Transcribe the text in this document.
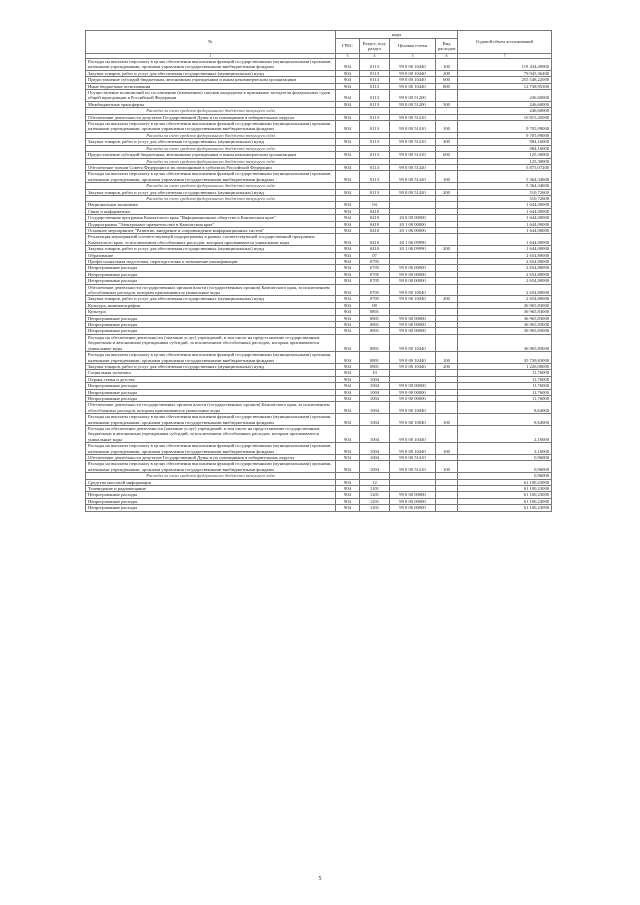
№	коды				Годовой объем ассигнований
	ГРБС	Раздел, под-раздел	Целевая статья	Вид расходов	
1	3	4	5	6	7
Расходы на выплаты персоналу в целях обеспечения выполнения функций государственными (муниципальными) органами, казенными учреждениями, органами управления государственными внебюджетными фондами	904	0113	99 0 00 10440	100	119 434,49000
Закупка товаров, работ и услуг для обеспечения государственных (муниципальных) нужд	904	0113	99 0 00 10440	200	79 945,36400
Предоставление субсидий бюджетным, автономным учреждениям и иным некоммерческим организациям	904	0113	99 0 00 10440	600	255 548,22000
Иные бюджетные ассигнования	904	0113	99 0 00 10440	800	12 738,95300
Осуществление полномочий по составлению (изменению) списков кандидатов в присяжные заседатели федеральных судов общей юрисдикции в Российской Федерации	904	0113	99 0 00 51200		246,60000
Межбюджетные трансферты	904	0113	99 0 00 51200	500	246,60000
Расходы за счет средств федерального бюджета текущего года					246,60000
Обеспечение деятельности депутатов Государственной Думы и их помощников в избирательных округах	904	0113	99 0 00 51410		10 815,45000
Расходы на выплаты персоналу в целях обеспечения выполнения функций государственными (муниципальными) органами, казенными учреждениями, органами управления государственными внебюджетными фондами	904	0113	99 0 00 51410	100	9 705,99000
Расходы за счет средств федерального бюджета текущего года					9 705,99000
Закупка товаров, работ и услуг для обеспечения государственных (муниципальных) нужд	904	0113	99 0 00 51410	200	984,16000
Расходы за счет средств федерального бюджета текущего года					984,16000
Предоставление субсидий бюджетным, автономным учреждениям и иным некоммерческим организациям	904	0113	99 0 00 51410	600	125,30000
Расходы за счет средств федерального бюджета текущего года					125,30000
Обеспечение членов Совета Федерации и их помощников в субъектах Российской Федерации	904	0113	99 0 00 51420		5 875,07200
Расходы на выплаты персоналу в целях обеспечения выполнения функций государственными (муниципальными) органами, казенными учреждениями, органами управления государственными внебюджетными фондами	904	0113	99 0 00 51420	100	5 364,34600
Расходы за счет средств федерального бюджета текущего года					5 364,34600
Закупка товаров, работ и услуг для обеспечения государственных (муниципальных) нужд	904	0113	99 0 00 51420	200	510,72600
Расходы за счет средств федерального бюджета текущего года					510,72600
Национальная экономика	904	04			1 644,00000
Связь и информатика	904	0410			1 644,00000
Государственная программа Камчатского края "Информационное общество в Камчатском крае"	904	0410	20 0 00 00000		1 644,00000
Подпрограмма "Электронное правительство в Камчатском крае"	904	0410	20 1 00 00000		1 644,00000
Основное мероприятие "Развитие, внедрение и сопровождение информационных систем"	904	0410	20 1 06 00000		1 644,00000
Реализация мероприятий соответствующей подпрограммы в рамках соответствующей государственной программы Камчатского края, за исключением обособленных расходов, которым присваиваются уникальные коды	904	0410	20 1 06 09990		1 644,00000
Закупка товаров, работ и услуг для обеспечения государственных (муниципальных) нужд	904	0410	20 1 06 09990	200	1 644,00000
Образование	904	07			2 654,80000
Профессиональная подготовка, переподготовка и повышение квалификации	904	0705			2 654,80000
Непрограммные расходы	904	0705	99 0 00 00000		2 654,80000
Непрограммные расходы	904	0705	99 0 00 00000		2 654,80000
Непрограммные расходы	904	0705	99 0 00 00000		2 654,80000
Обеспечение деятельности государственных органов власти (государственных органов) Камчатского края, за исключением обособленных расходов, которым присваиваются уникальные коды	904	0705	99 0 00 10040		2 654,80000
Закупка товаров, работ и услуг для обеспечения государственных (муниципальных) нужд	904	0705	99 0 00 10040	200	2 654,80000
Культура, кинематография	904	08			36 965,83000
Культура	904	0801			36 965,83000
Непрограммные расходы	904	0801	99 0 00 00000		36 965,83000
Непрограммные расходы	904	0801	99 0 00 00000		36 965,83000
Непрограммные расходы	904	0801	99 0 00 00000		36 965,83000
Расходы на обеспечение деятельности (оказание услуг) учреждений, в том числе на предоставление государственным бюджетным и автономным учреждениям субсидий, за исключением обособленных расходов, которым присваиваются уникальные коды	904	0801	99 0 00 10440		36 965,83000
Расходы на выплаты персоналу в целях обеспечения выполнения функций государственными (муниципальными) органами, казенными учреждениями, органами управления государственными внебюджетными фондами	904	0801	99 0 00 10440	100	35 739,83000
Закупка товаров, работ и услуг для обеспечения государственных (муниципальных) нужд	904	0801	99 0 00 10440	200	1 226,00000
Социальная политика	904	10			11,76000
Охрана семьи и детства	904	1004			11,76000
Непрограммные расходы	904	1004	99 0 00 00000		11,76000
Непрограммные расходы	904	1004	99 0 00 00000		11,76000
Непрограммные расходы	904	1004	99 0 00 00000		11,76000
Обеспечение деятельности государственных органов власти (государственных органов) Камчатского края, за исключением обособленных расходов, которым присваиваются уникальные коды	904	1004	99 0 00 10040		8,64000
Расходы на выплаты персоналу в целях обеспечения выполнения функций государственными (муниципальными) органами, казенными учреждениями, органами управления государственными внебюджетными фондами	904	1004	99 0 00 10040	100	8,64000
Расходы на обеспечение деятельности (оказание услуг) учреждений, в том числе на предоставление государственным бюджетным и автономным учреждениям субсидий, за исключением обособленных расходов, которым присваиваются уникальные коды	904	1004	99 0 00 10440		2,16000
Расходы на выплаты персоналу в целях обеспечения выполнения функций государственными (муниципальными) органами, казенными учреждениями, органами управления государственными внебюджетными фондами	904	1004	99 0 00 10440	100	2,16000
Обеспечение деятельности депутатов Государственной Думы и их помощников в избирательных округах	904	1004	99 0 00 51410		0,96000
Расходы на выплаты персоналу в целях обеспечения выполнения функций государственными (муниципальными) органами, казенными учреждениями, органами управления государственными внебюджетными фондами	904	1004	99 0 00 51410	100	0,96000
Расходы за счет средств федерального бюджета текущего года					0,96000
Средства массовой информации	904	12			61 100,23000
Телевидение и радиовещание	904	1201			61 100,23000
Непрограммные расходы	904	1201	99 0 00 00000		61 100,23000
Непрограммные расходы	904	1201	99 0 00 00000		61 100,23000
Непрограммные расходы	904	1201	99 0 00 00000		61 100,23000
5
